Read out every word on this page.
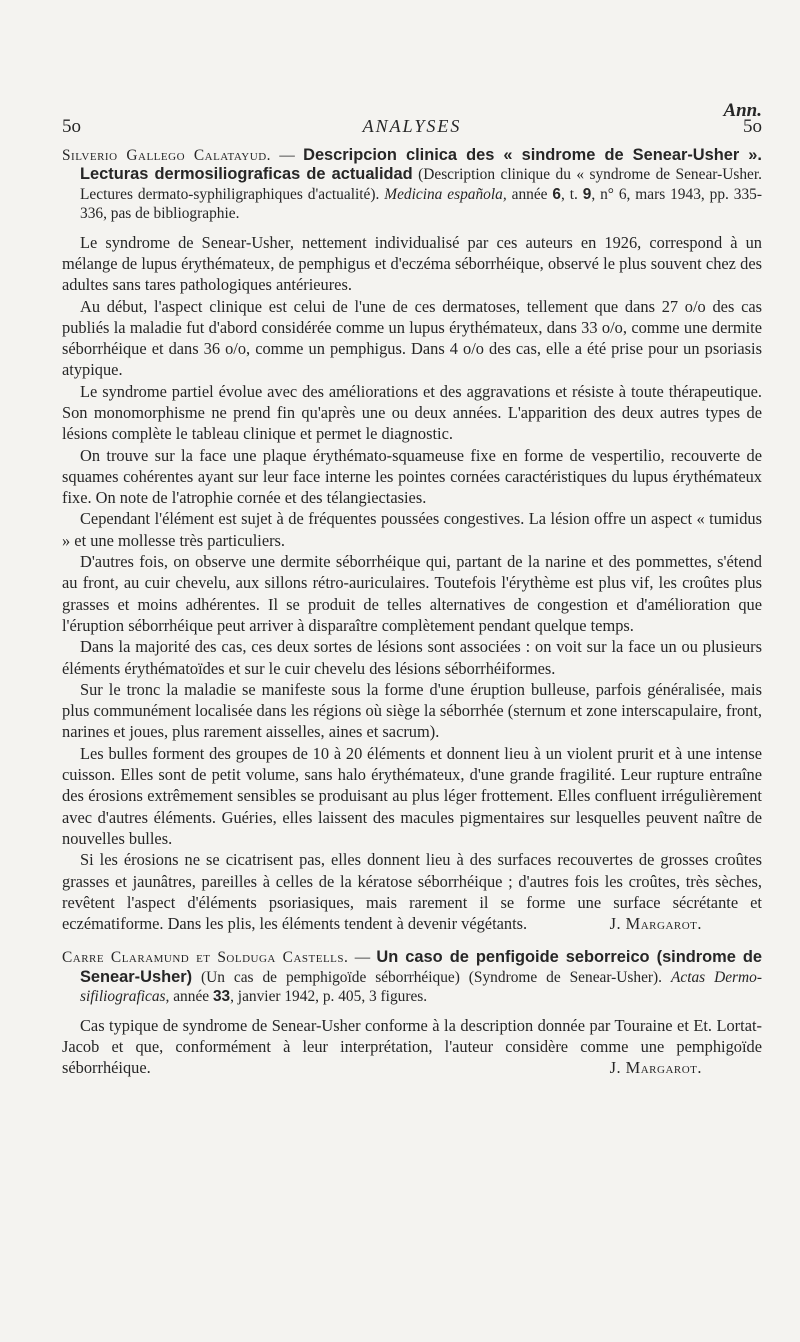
Ann.
5o	ANALYSES	5o

Silverio Gallego Calatayud. — Descripcion clinica des « sindrome de Senear-Usher ». Lecturas dermosiliograficas de actualidad (Description clinique du « syndrome de Senear-Usher. Lectures dermato-syphiligraphiques d'actualité). Medicina española, année 6, t. 9, n° 6, mars 1943, pp. 335-336, pas de bibliographie.

Le syndrome de Senear-Usher, nettement individualisé par ces auteurs en 1926, correspond à un mélange de lupus érythémateux, de pemphigus et d'eczéma séborrhéique, observé le plus souvent chez des adultes sans tares pathologiques antérieures.

Au début, l'aspect clinique est celui de l'une de ces dermatoses, tellement que dans 27 o/o des cas publiés la maladie fut d'abord considérée comme un lupus érythémateux, dans 33 o/o, comme une dermite séborrhéique et dans 36 o/o, comme un pemphigus. Dans 4 o/o des cas, elle a été prise pour un psoriasis atypique.

Le syndrome partiel évolue avec des améliorations et des aggravations et résiste à toute thérapeutique. Son monomorphisme ne prend fin qu'après une ou deux années. L'apparition des deux autres types de lésions complète le tableau clinique et permet le diagnostic.

On trouve sur la face une plaque érythémato-squameuse fixe en forme de vespertilio, recouverte de squames cohérentes ayant sur leur face interne les pointes cornées caractéristiques du lupus érythémateux fixe. On note de l'atrophie cornée et des télangiectasies.

Cependant l'élément est sujet à de fréquentes poussées congestives. La lésion offre un aspect « tumidus » et une mollesse très particuliers.

D'autres fois, on observe une dermite séborrhéique qui, partant de la narine et des pommettes, s'étend au front, au cuir chevelu, aux sillons rétro-auriculaires. Toutefois l'érythème est plus vif, les croûtes plus grasses et moins adhérentes. Il se produit de telles alternatives de congestion et d'amélioration que l'éruption séborrhéique peut arriver à disparaître complètement pendant quelque temps.

Dans la majorité des cas, ces deux sortes de lésions sont associées : on voit sur la face un ou plusieurs éléments érythématoïdes et sur le cuir chevelu des lésions séborrhéiformes.

Sur le tronc la maladie se manifeste sous la forme d'une éruption bulleuse, parfois généralisée, mais plus communément localisée dans les régions où siège la séborrhée (sternum et zone interscapulaire, front, narines et joues, plus rarement aisselles, aines et sacrum).

Les bulles forment des groupes de 10 à 20 éléments et donnent lieu à un violent prurit et à une intense cuisson. Elles sont de petit volume, sans halo érythémateux, d'une grande fragilité. Leur rupture entraîne des érosions extrêmement sensibles se produisant au plus léger frottement. Elles confluent irrégulièrement avec d'autres éléments. Guéries, elles laissent des macules pigmentaires sur lesquelles peuvent naître de nouvelles bulles.

Si les érosions ne se cicatrisent pas, elles donnent lieu à des surfaces recouvertes de grosses croûtes grasses et jaunâtres, pareilles à celles de la kératose séborrhéique ; d'autres fois les croûtes, très sèches, revêtent l'aspect d'éléments psoriasiques, mais rarement il se forme une surface sécrétante et eczématiforme. Dans les plis, les éléments tendent à devenir végétants.	J. Margarot.

Carre Claramund et Solduga Castells. — Un caso de penfigoide seborreico (sindrome de Senear-Usher) (Un cas de pemphigoïde séborrhéique) (Syndrome de Senear-Usher). Actas Dermo-sifiliograficas, année 33, janvier 1942, p. 405, 3 figures.

Cas typique de syndrome de Senear-Usher conforme à la description donnée par Touraine et Et. Lortat-Jacob et que, conformément à leur interprétation, l'auteur considère comme une pemphigoïde séborrhéique.	J. Margarot.
